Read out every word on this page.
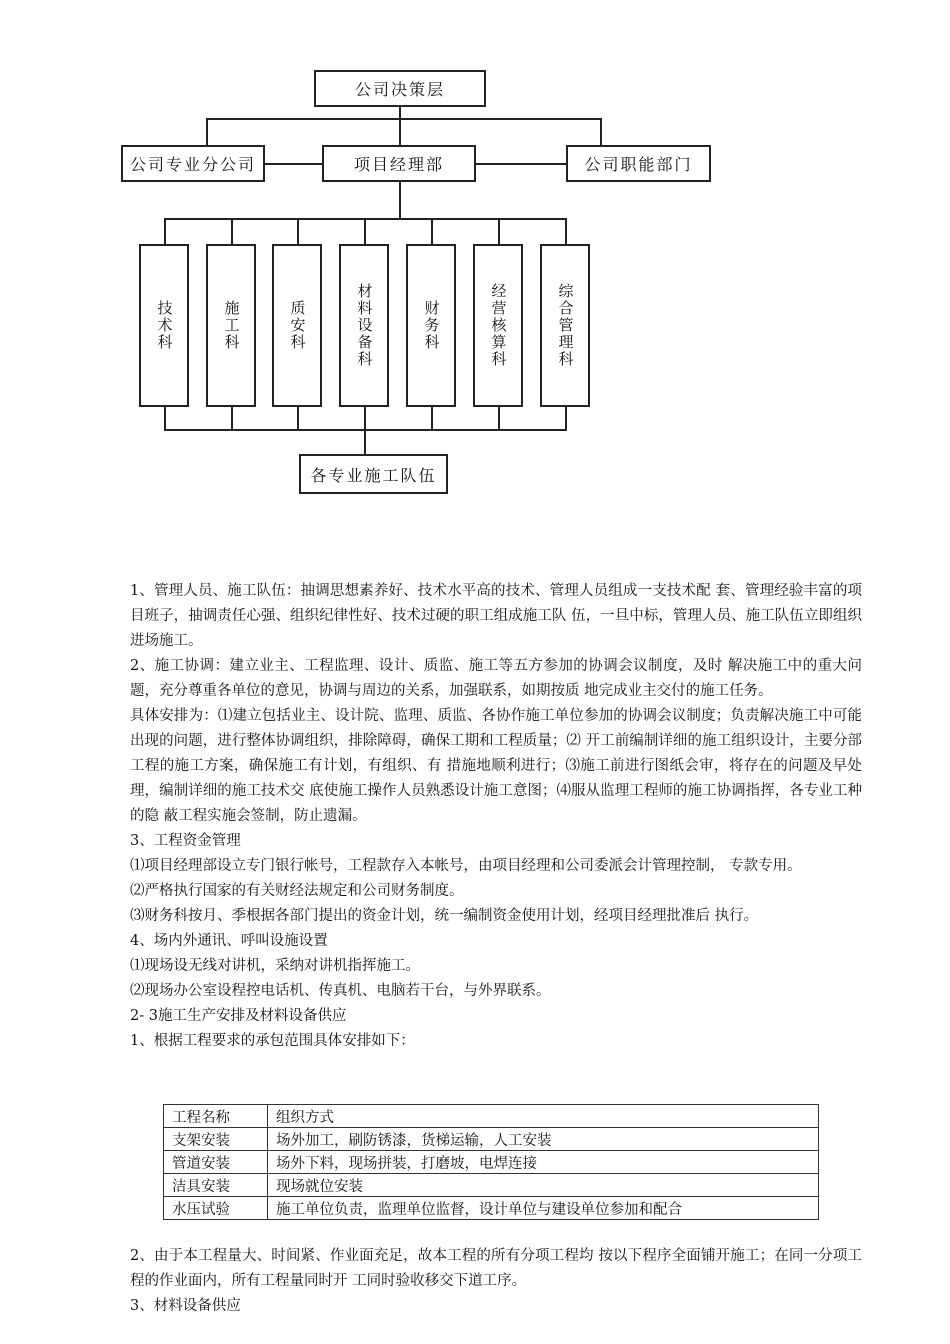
公司决策层
公司专业分公司	项目经理部	公司职能部门
技术科	施工科	质安科	材料设备科	财务科	经营核算科	综合管理科
各专业施工队伍

1、管理人员、施工队伍：抽调思想素养好、技术水平高的技术、管理人员组成一支技术配 套、管理经验丰富的项目班子，抽调责任心强、组织纪律性好、技术过硬的职工组成施工队 伍，一旦中标，管理人员、施工队伍立即组织进场施工。

2、施工协调：建立业主、工程监理、设计、质监、施工等五方参加的协调会议制度，及时 解决施工中的重大问题，充分尊重各单位的意见，协调与周边的关系，加强联系，如期按质 地完成业主交付的施工任务。

具体安排为：⑴建立包括业主、设计院、监理、质监、各协作施工单位参加的协调会议制度；负责解决施工中可能出现的问题，进行整体协调组织，排除障碍，确保工期和工程质量；⑵ 开工前编制详细的施工组织设计，主要分部工程的施工方案，确保施工有计划，有组织、有 措施地顺利进行；⑶施工前进行图纸会审，将存在的问题及早处理，编制详细的施工技术交 底使施工操作人员熟悉设计施工意图；⑷服从监理工程师的施工协调指挥，各专业工种的隐 蔽工程实施会签制，防止遗漏。

3、工程资金管理

⑴项目经理部设立专门银行帐号，工程款存入本帐号，由项目经理和公司委派会计管理控制， 专款专用。

⑵严格执行国家的有关财经法规定和公司财务制度。

⑶财务科按月、季根据各部门提出的资金计划，统一编制资金使用计划，经项目经理批准后 执行。

4、场内外通讯、呼叫设施设置

⑴现场设无线对讲机，采纳对讲机指挥施工。

⑵现场办公室设程控电话机、传真机、电脑若干台，与外界联系。

2- 3施工生产安排及材料设备供应

1、根据工程要求的承包范围具体安排如下：

工程名称	组织方式
支架安装	场外加工，刷防锈漆，货梯运输，人工安装
管道安装	场外下料，现场拼装，打磨坡，电焊连接
洁具安装	现场就位安装
水压试验	施工单位负责，监理单位监督，设计单位与建设单位参加和配合

2、由于本工程量大、时间紧、作业面充足，故本工程的所有分项工程均 按以下程序全面铺开施工；在同一分项工程的作业面内，所有工程量同时开 工同时验收移交下道工序。

3、材料设备供应
